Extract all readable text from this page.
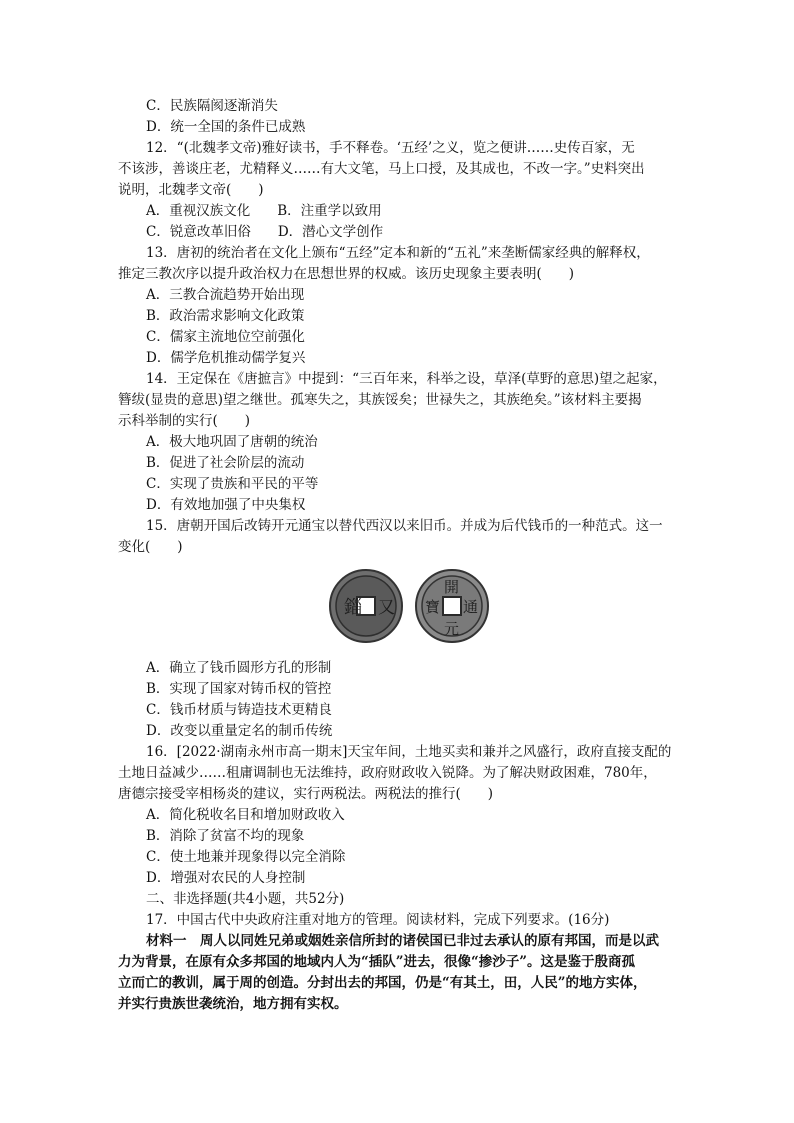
C．民族隔阂逐渐消失
D．统一全国的条件已成熟
12．“(北魏孝文帝)雅好读书，手不释卷。‘五经’之义，览之便讲……史传百家，无
不该涉，善谈庄老，尤精释义……有大文笔，马上口授，及其成也，不改一字。”史料突出
说明，北魏孝文帝(　　)
A．重视汉族文化　　B．注重学以致用
C．锐意改革旧俗　　D．潜心文学创作
13．唐初的统治者在文化上颁布“五经”定本和新的“五礼”来垄断儒家经典的解释权，
推定三教次序以提升政治权力在思想世界的权威。该历史现象主要表明(　　)
A．三教合流趋势开始出现
B．政治需求影响文化政策
C．儒家主流地位空前强化
D．儒学危机推动儒学复兴
14．王定保在《唐摭言》中提到：“三百年来，科举之设，草泽(草野的意思)望之起家，
簪绂(显贵的意思)望之继世。孤寒失之，其族馁矣；世禄失之，其族绝矣。”该材料主要揭
示科举制的实行(　　)
A．极大地巩固了唐朝的统治
B．促进了社会阶层的流动
C．实现了贵族和平民的平等
D．有效地加强了中央集权
15．唐朝开国后改铸开元通宝以替代西汉以来旧币。并成为后代钱币的一种范式。这一
变化(　　)
錙 又
開
元
通
寶
A．确立了钱币圆形方孔的形制
B．实现了国家对铸币权的管控
C．钱币材质与铸造技术更精良
D．改变以重量定名的制币传统
16．[2022·湖南永州市高一期末]天宝年间，土地买卖和兼并之风盛行，政府直接支配的
土地日益减少……租庸调制也无法维持，政府财政收入锐降。为了解决财政困难，780年，
唐德宗接受宰相杨炎的建议，实行两税法。两税法的推行(　　)
A．简化税收名目和增加财政收入
B．消除了贫富不均的现象
C．使土地兼并现象得以完全消除
D．增强对农民的人身控制
二、非选择题(共4小题，共52分)
17．中国古代中央政府注重对地方的管理。阅读材料，完成下列要求。(16分)
材料一　周人以同姓兄弟或姻姓亲信所封的诸侯国已非过去承认的原有邦国，而是以武
力为背景，在原有众多邦国的地域内人为“插队”进去，很像“掺沙子”。这是鉴于殷商孤
立而亡的教训，属于周的创造。分封出去的邦国，仍是“有其土，田，人民”的地方实体，
并实行贵族世袭统治，地方拥有实权。
